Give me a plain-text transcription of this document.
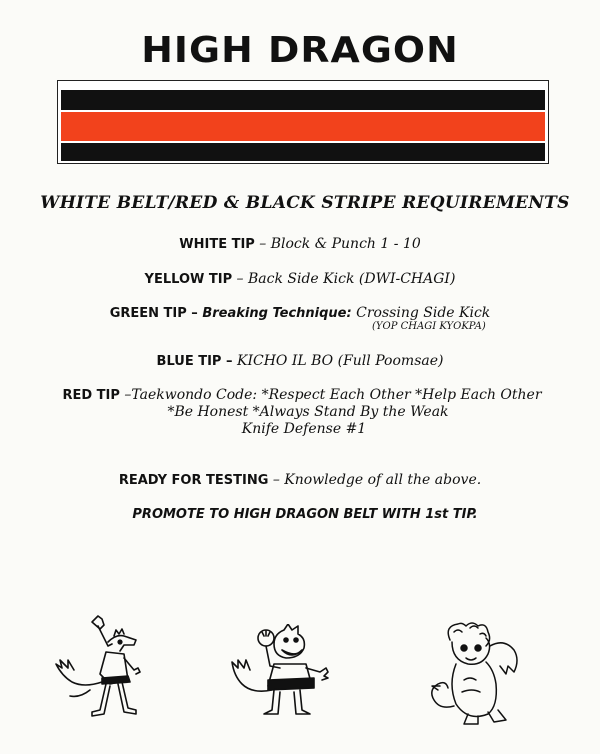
HIGH DRAGON
WHITE BELT/RED & BLACK STRIPE REQUIREMENTS
WHITE TIP – Block & Punch 1 - 10
YELLOW TIP – Back Side Kick (DWI-CHAGI)
GREEN TIP – Breaking Technique: Crossing Side Kick
(YOP CHAGI KYOKPA)
BLUE TIP – KICHO IL BO (Full Poomsae)
RED TIP –Taekwondo Code: *Respect Each Other *Help Each Other
*Be Honest *Always Stand By the Weak
Knife Defense #1
READY FOR TESTING – Knowledge of all the above.
PROMOTE TO HIGH DRAGON BELT WITH 1st TIP.
